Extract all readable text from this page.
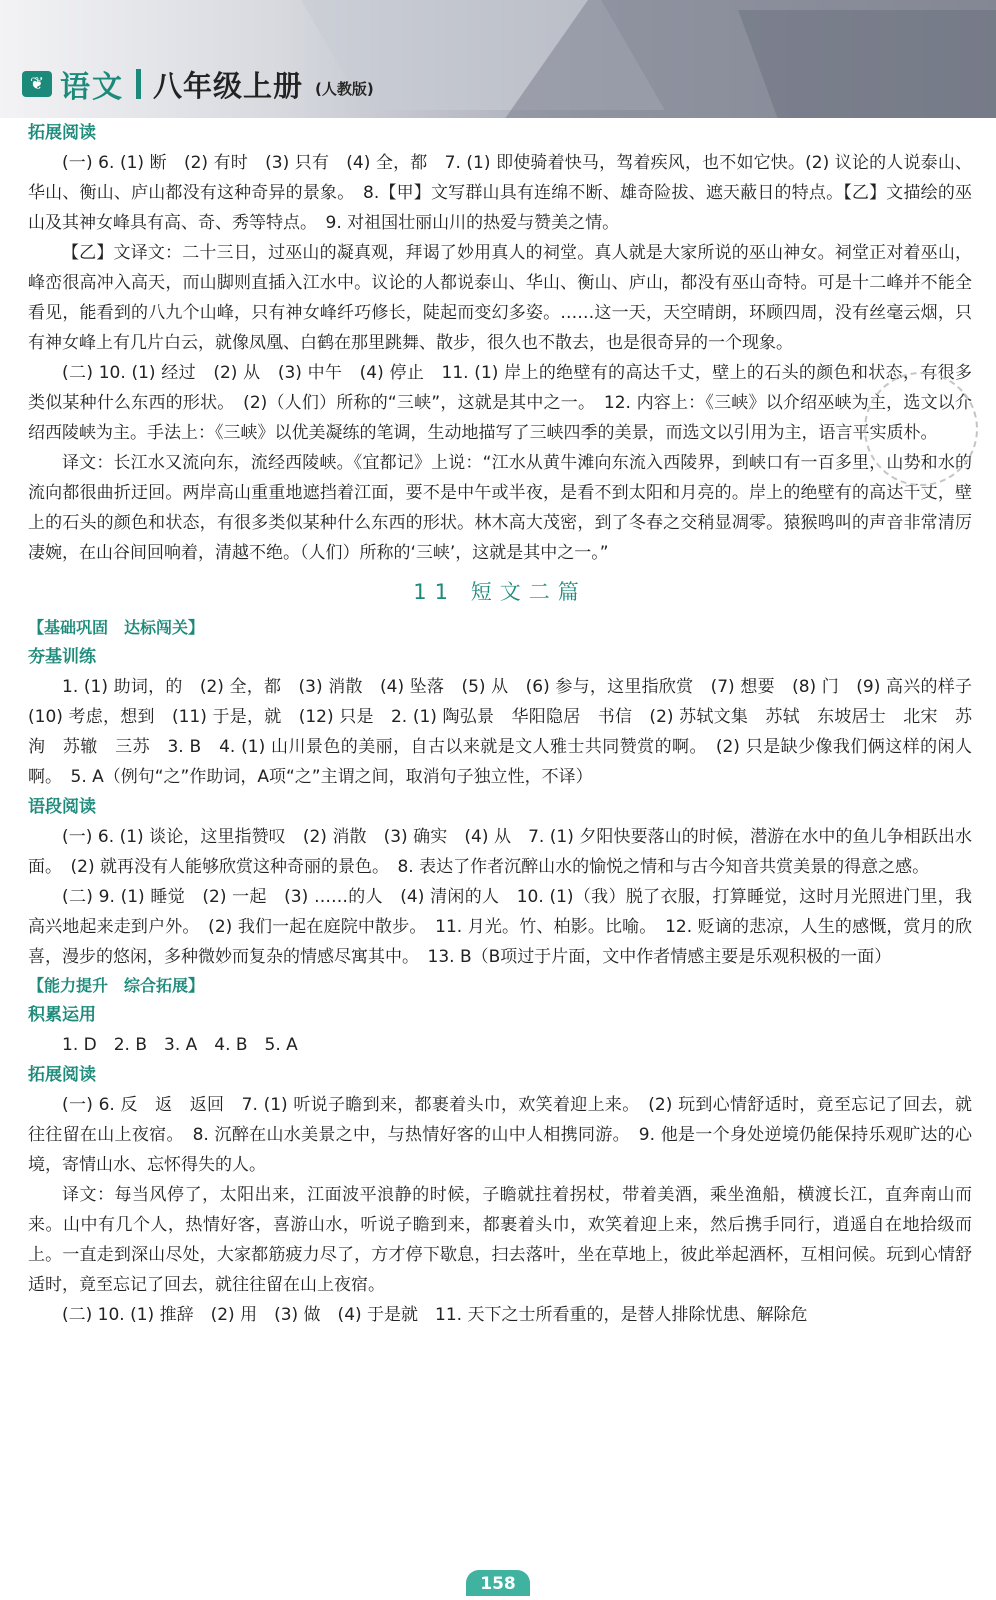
❦ 语文 八年级上册 (人教版)

拓展阅读

(一) 6. (1) 断　(2) 有时　(3) 只有　(4) 全，都　7. (1) 即使骑着快马，驾着疾风，也不如它快。(2) 议论的人说泰山、华山、衡山、庐山都没有这种奇异的景象。　8.【甲】文写群山具有连绵不断、雄奇险拔、遮天蔽日的特点。【乙】文描绘的巫山及其神女峰具有高、奇、秀等特点。　9. 对祖国壮丽山川的热爱与赞美之情。

【乙】文译文：二十三日，过巫山的凝真观，拜谒了妙用真人的祠堂。真人就是大家所说的巫山神女。祠堂正对着巫山，峰峦很高冲入高天，而山脚则直插入江水中。议论的人都说泰山、华山、衡山、庐山，都没有巫山奇特。可是十二峰并不能全看见，能看到的八九个山峰，只有神女峰纤巧修长，陡起而变幻多姿。……这一天，天空晴朗，环顾四周，没有丝毫云烟，只有神女峰上有几片白云，就像凤凰、白鹤在那里跳舞、散步，很久也不散去，也是很奇异的一个现象。

(二) 10. (1) 经过　(2) 从　(3) 中午　(4) 停止　11. (1) 岸上的绝壁有的高达千丈，壁上的石头的颜色和状态，有很多类似某种什么东西的形状。　(2)（人们）所称的“三峡”，这就是其中之一。　12. 内容上：《三峡》以介绍巫峡为主，选文以介绍西陵峡为主。手法上：《三峡》以优美凝练的笔调，生动地描写了三峡四季的美景，而选文以引用为主，语言平实质朴。

译文：长江水又流向东，流经西陵峡。《宜都记》上说：“江水从黄牛滩向东流入西陵界，到峡口有一百多里，山势和水的流向都很曲折迂回。两岸高山重重地遮挡着江面，要不是中午或半夜，是看不到太阳和月亮的。岸上的绝壁有的高达千丈，壁上的石头的颜色和状态，有很多类似某种什么东西的形状。林木高大茂密，到了冬春之交稍显凋零。猿猴鸣叫的声音非常清厉凄婉，在山谷间回响着，清越不绝。（人们）所称的‘三峡’，这就是其中之一。”

11 短文二篇

【基础巩固　达标闯关】

夯基训练

1. (1) 助词，的　(2) 全，都　(3) 消散　(4) 坠落　(5) 从　(6) 参与，这里指欣赏　(7) 想要　(8) 门　(9) 高兴的样子　(10) 考虑，想到　(11) 于是，就　(12) 只是　2. (1) 陶弘景　华阳隐居　书信　(2) 苏轼文集　苏轼　东坡居士　北宋　苏洵　苏辙　三苏　3. B　4. (1) 山川景色的美丽，自古以来就是文人雅士共同赞赏的啊。　(2) 只是缺少像我们俩这样的闲人啊。　5. A（例句“之”作助词，A项“之”主谓之间，取消句子独立性，不译）

语段阅读

(一) 6. (1) 谈论，这里指赞叹　(2) 消散　(3) 确实　(4) 从　7. (1) 夕阳快要落山的时候，潜游在水中的鱼儿争相跃出水面。　(2) 就再没有人能够欣赏这种奇丽的景色。　8. 表达了作者沉醉山水的愉悦之情和与古今知音共赏美景的得意之感。

(二) 9. (1) 睡觉　(2) 一起　(3) ……的人　(4) 清闲的人　10. (1)（我）脱了衣服，打算睡觉，这时月光照进门里，我高兴地起来走到户外。　(2) 我们一起在庭院中散步。　11. 月光。竹、柏影。比喻。　12. 贬谪的悲凉，人生的感慨，赏月的欣喜，漫步的悠闲，多种微妙而复杂的情感尽寓其中。　13. B（B项过于片面，文中作者情感主要是乐观积极的一面）

【能力提升　综合拓展】

积累运用

1. D　2. B　3. A　4. B　5. A

拓展阅读

(一) 6. 反　返　返回　7. (1) 听说子瞻到来，都裹着头巾，欢笑着迎上来。　(2) 玩到心情舒适时，竟至忘记了回去，就往往留在山上夜宿。　8. 沉醉在山水美景之中，与热情好客的山中人相携同游。　9. 他是一个身处逆境仍能保持乐观旷达的心境，寄情山水、忘怀得失的人。

译文：每当风停了，太阳出来，江面波平浪静的时候，子瞻就拄着拐杖，带着美酒，乘坐渔船，横渡长江，直奔南山而来。山中有几个人，热情好客，喜游山水，听说子瞻到来，都裹着头巾，欢笑着迎上来，然后携手同行，逍遥自在地拾级而上。一直走到深山尽处，大家都筋疲力尽了，方才停下歇息，扫去落叶，坐在草地上，彼此举起酒杯，互相问候。玩到心情舒适时，竟至忘记了回去，就往往留在山上夜宿。

(二) 10. (1) 推辞　(2) 用　(3) 做　(4) 于是就　11. 天下之士所看重的，是替人排除忧患、解除危

158
